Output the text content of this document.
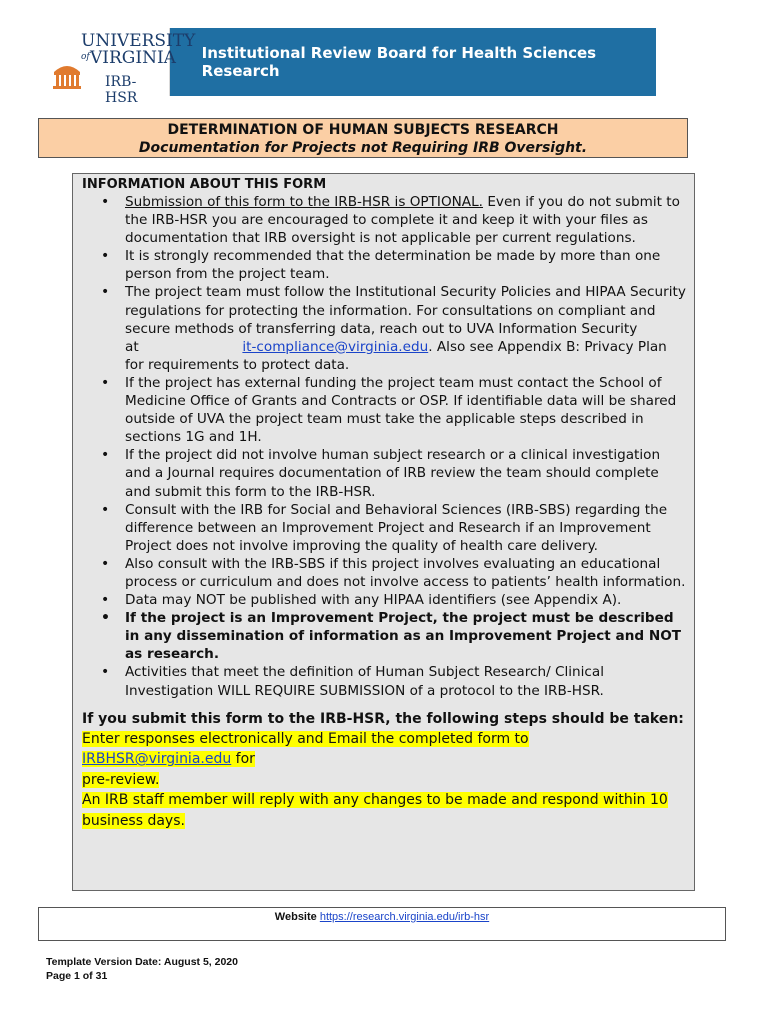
UNIVERSITY
of VIRGINIA
IRB-HSR
Institutional Review Board for Health Sciences Research
DETERMINATION OF HUMAN SUBJECTS RESEARCH
Documentation for Projects not Requiring IRB Oversight.
INFORMATION ABOUT THIS FORM
• Submission of this form to the IRB-HSR is OPTIONAL. Even if you do not submit to the IRB-HSR you are encouraged to complete it and keep it with your files as documentation that IRB oversight is not applicable per current regulations.
• It is strongly recommended that the determination be made by more than one person from the project team.
• The project team must follow the Institutional Security Policies and HIPAA Security regulations for protecting the information. For consultations on compliant and secure methods of transferring data, reach out to UVA Information Security at	it-compliance@virginia.edu. Also see Appendix B: Privacy Plan for requirements to protect data.
• If the project has external funding the project team must contact the School of Medicine Office of Grants and Contracts or OSP. If identifiable data will be shared outside of UVA the project team must take the applicable steps described in sections 1G and 1H.
• If the project did not involve human subject research or a clinical investigation and a Journal requires documentation of IRB review the team should complete and submit this form to the IRB-HSR.
• Consult with the IRB for Social and Behavioral Sciences (IRB-SBS) regarding the difference between an Improvement Project and Research if an Improvement Project does not involve improving the quality of health care delivery.
• Also consult with the IRB-SBS if this project involves evaluating an educational process or curriculum and does not involve access to patients’ health information.
• Data may NOT be published with any HIPAA identifiers (see Appendix A).
• If the project is an Improvement Project, the project must be described in any dissemination of information as an Improvement Project and NOT as research.
• Activities that meet the definition of Human Subject Research/ Clinical Investigation WILL REQUIRE SUBMISSION of a protocol to the IRB-HSR.
If you submit this form to the IRB-HSR, the following steps should be taken:
Enter responses electronically and Email the completed form to
IRBHSR@virginia.edu for
pre-review.
An IRB staff member will reply with any changes to be made and respond within 10 business days.
Website https://research.virginia.edu/irb-hsr
Template Version Date: August 5, 2020
Page 1 of 31
